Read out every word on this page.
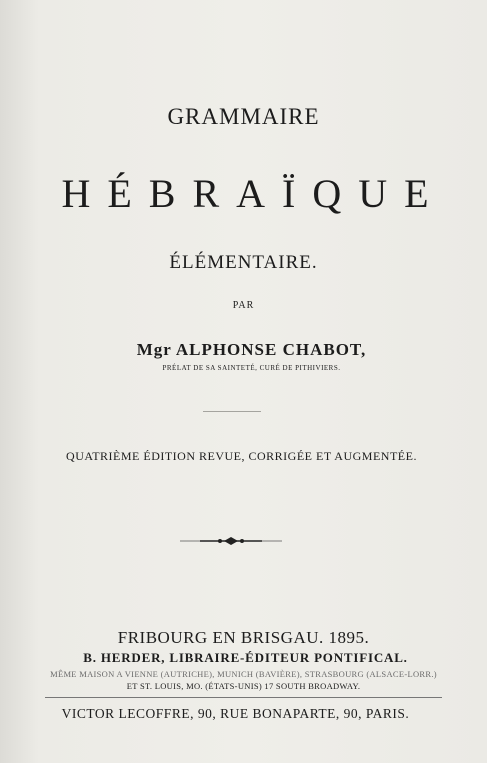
GRAMMAIRE
HÉBRAÏQUE
ÉLÉMENTAIRE.
PAR
Mgr ALPHONSE CHABOT,
PRÉLAT DE SA SAINTETÉ, CURÉ DE PITHIVIERS.
QUATRIÈME ÉDITION REVUE, CORRIGÉE ET AUGMENTÉE.
FRIBOURG EN BRISGAU. 1895.
B. HERDER, LIBRAIRE-ÉDITEUR PONTIFICAL.
MÊME MAISON A VIENNE (AUTRICHE), MUNICH (BAVIÈRE), STRASBOURG (ALSACE-LORR.)
ET ST. LOUIS, MO. (ÉTATS-UNIS) 17 SOUTH BROADWAY.
VICTOR LECOFFRE, 90, RUE BONAPARTE, 90, PARIS.
